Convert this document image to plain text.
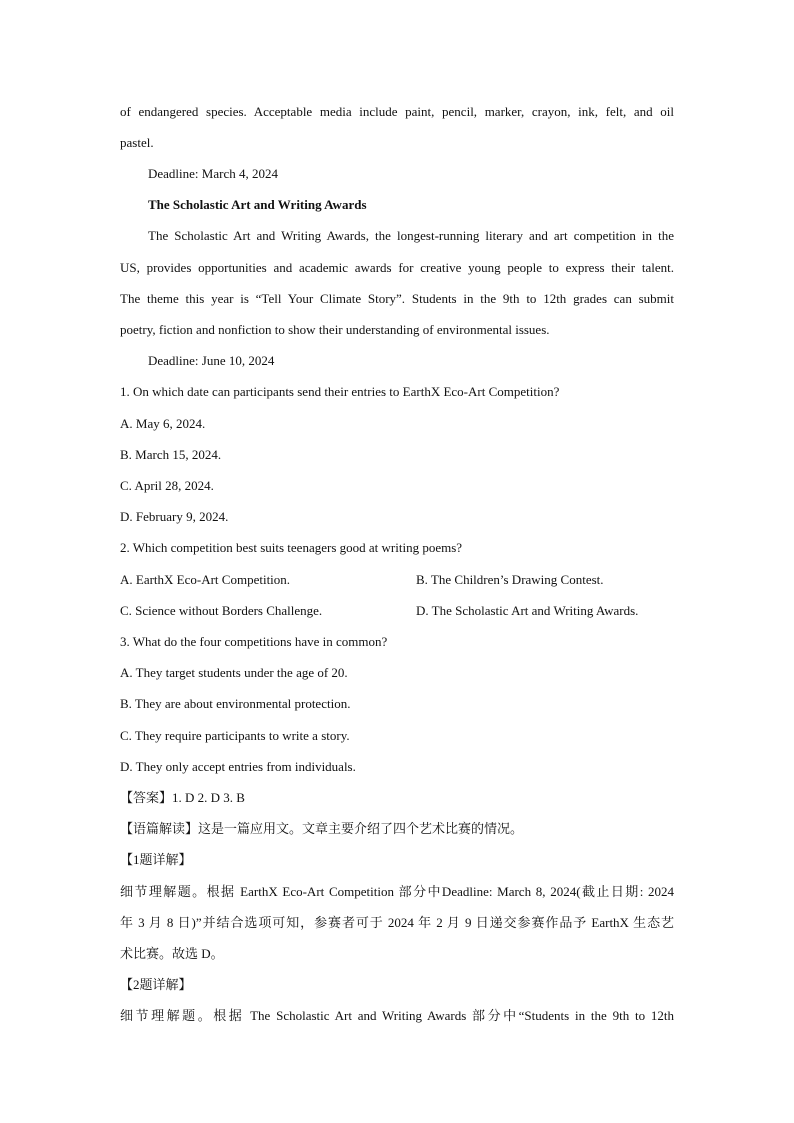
of endangered species. Acceptable media include paint, pencil, marker, crayon, ink, felt, and oil
pastel.
Deadline: March 4, 2024
The Scholastic Art and Writing Awards
The Scholastic Art and Writing Awards, the longest-running literary and art competition in the
US, provides opportunities and academic awards for creative young people to express their talent.
The theme this year is “Tell Your Climate Story”. Students in the 9th to 12th grades can submit
poetry, fiction and nonfiction to show their understanding of environmental issues.
Deadline: June 10, 2024
1. On which date can participants send their entries to EarthX Eco-Art Competition?
A. May 6, 2024.
B. March 15, 2024.
C. April 28, 2024.
D. February 9, 2024.
2. Which competition best suits teenagers good at writing poems?
A. EarthX Eco-Art Competition.	B. The Children’s Drawing Contest.
C. Science without Borders Challenge.	D. The Scholastic Art and Writing Awards.
3. What do the four competitions have in common?
A. They target students under the age of 20.
B. They are about environmental protection.
C. They require participants to write a story.
D. They only accept entries from individuals.
【答案】1. D 2. D 3. B
【语篇解读】这是一篇应用文。文章主要介绍了四个艺术比赛的情况。
【1题详解】
细节理解题。根据 EarthX Eco-Art Competition 部分中Deadline: March 8, 2024(截止日期: 2024
年 3 月 8 日)”并结合选项可知，参赛者可于 2024 年 2 月 9 日递交参赛作品予 EarthX 生态艺
术比赛。故选 D。
【2题详解】
细节理解题。根据 The Scholastic Art and Writing Awards 部分中“Students in the 9th to 12th
